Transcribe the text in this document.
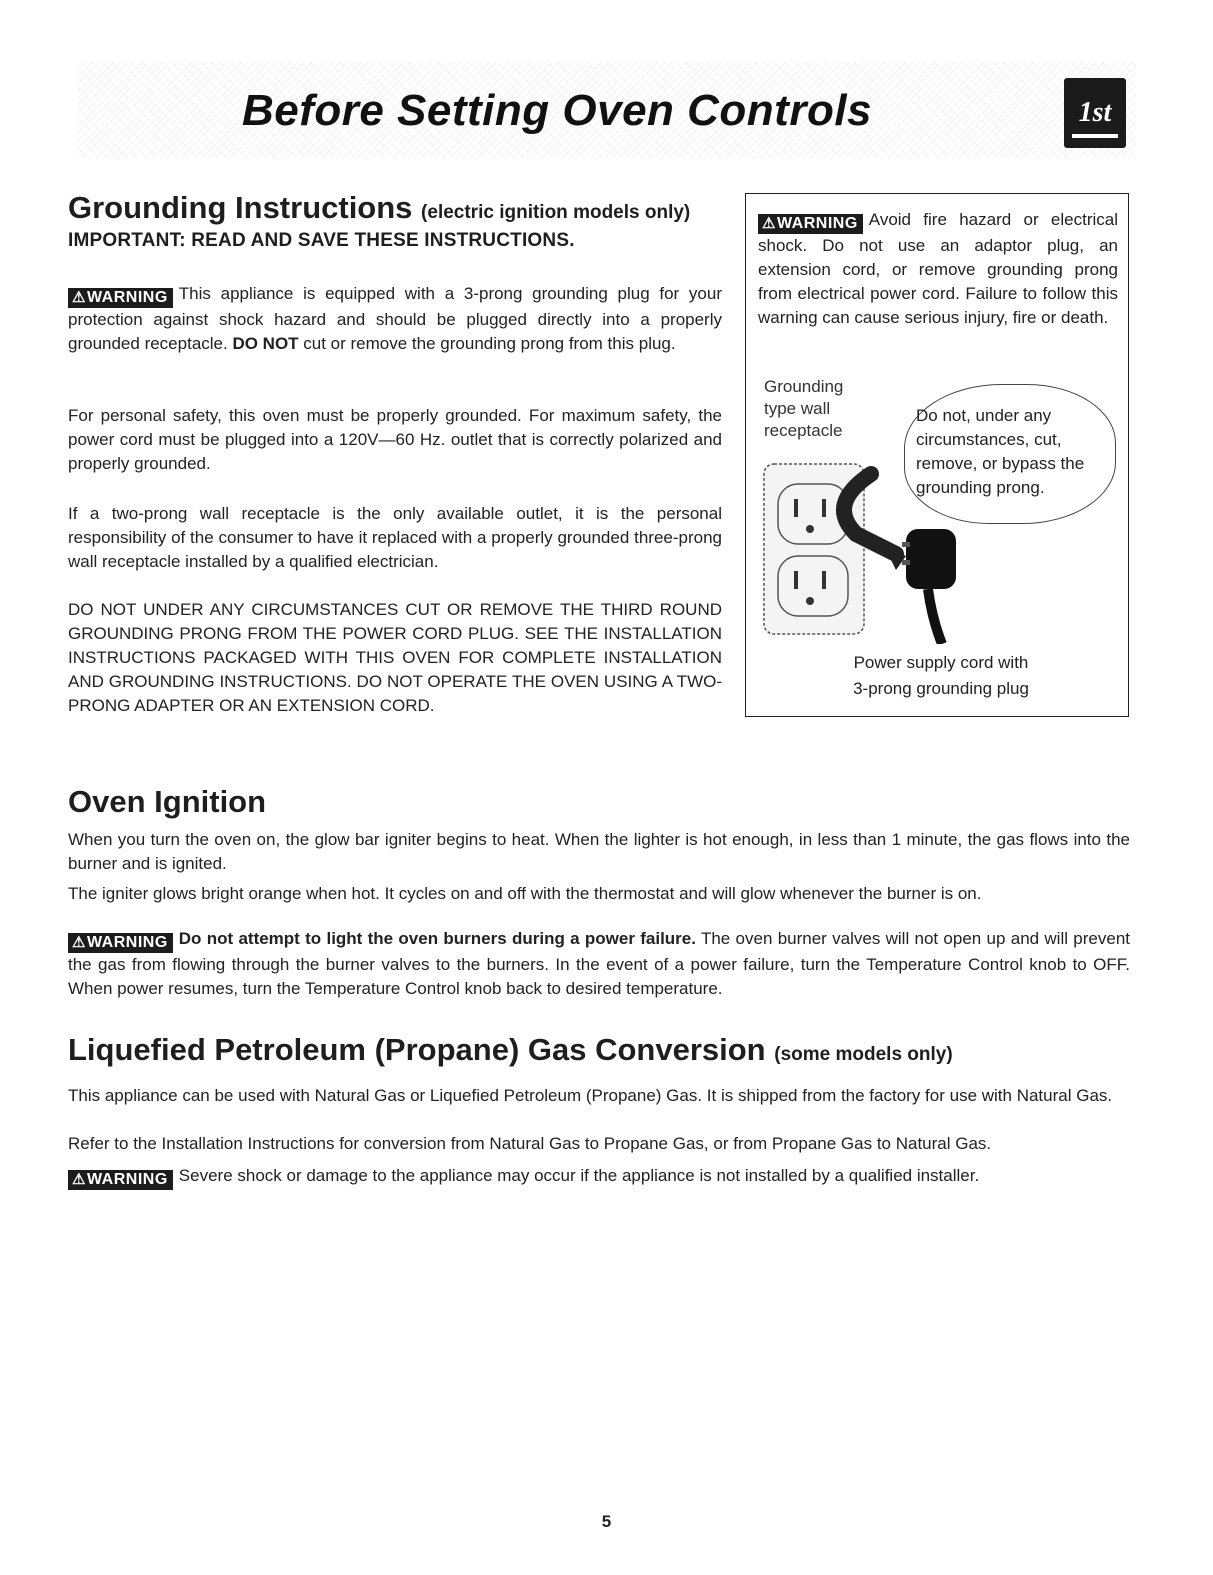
Before Setting Oven Controls	1st
Grounding Instructions (electric ignition models only)
IMPORTANT: READ AND SAVE THESE INSTRUCTIONS.

⚠WARNING This appliance is equipped with a 3-prong grounding plug for your protection against shock hazard and should be plugged directly into a properly grounded receptacle. DO NOT cut or remove the grounding prong from this plug.

For personal safety, this oven must be properly grounded. For maximum safety, the power cord must be plugged into a 120V—60 Hz. outlet that is correctly polarized and properly grounded.

If a two-prong wall receptacle is the only available outlet, it is the personal responsibility of the consumer to have it replaced with a properly grounded three-prong wall receptacle installed by a qualified electrician.

DO NOT UNDER ANY CIRCUMSTANCES CUT OR REMOVE THE THIRD ROUND GROUNDING PRONG FROM THE POWER CORD PLUG. SEE THE INSTALLATION INSTRUCTIONS PACKAGED WITH THIS OVEN FOR COMPLETE INSTALLATION AND GROUNDING INSTRUCTIONS. DO NOT OPERATE THE OVEN USING A TWO-PRONG ADAPTER OR AN EXTENSION CORD.

⚠WARNING Avoid fire hazard or electrical shock. Do not use an adaptor plug, an extension cord, or remove grounding prong from electrical power cord. Failure to follow this warning can cause serious injury, fire or death.

Grounding type wall receptacle

Do not, under any circumstances, cut, remove, or bypass the grounding prong.

Power supply cord with
3-prong grounding plug

Oven Ignition

When you turn the oven on, the glow bar igniter begins to heat. When the lighter is hot enough, in less than 1 minute, the gas flows into the burner and is ignited.

The igniter glows bright orange when hot. It cycles on and off with the thermostat and will glow whenever the burner is on.

⚠WARNING Do not attempt to light the oven burners during a power failure. The oven burner valves will not open up and will prevent the gas from flowing through the burner valves to the burners. In the event of a power failure, turn the Temperature Control knob to OFF. When power resumes, turn the Temperature Control knob back to desired temperature.

Liquefied Petroleum (Propane) Gas Conversion (some models only)

This appliance can be used with Natural Gas or Liquefied Petroleum (Propane) Gas. It is shipped from the factory for use with Natural Gas.

Refer to the Installation Instructions for conversion from Natural Gas to Propane Gas, or from Propane Gas to Natural Gas.

⚠WARNING Severe shock or damage to the appliance may occur if the appliance is not installed by a qualified installer.

5
